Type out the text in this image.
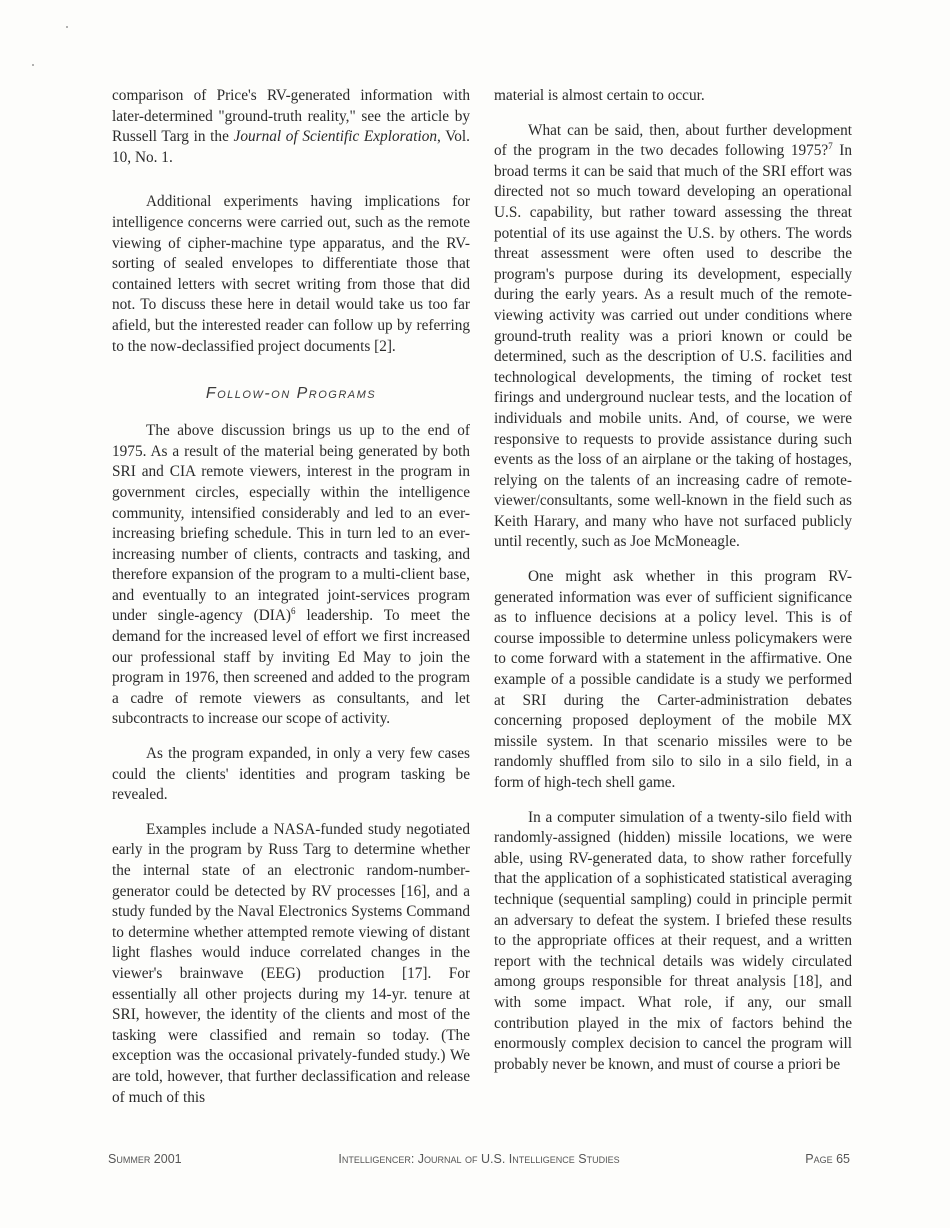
comparison of Price's RV-generated information with later-determined "ground-truth reality," see the article by Russell Targ in the Journal of Scientific Exploration, Vol. 10, No. 1.

Additional experiments having implications for intelligence concerns were carried out, such as the remote viewing of cipher-machine type apparatus, and the RV-sorting of sealed envelopes to differentiate those that contained letters with secret writing from those that did not. To discuss these here in detail would take us too far afield, but the interested reader can follow up by referring to the now-declassified project documents [2].

Follow-on Programs

The above discussion brings us up to the end of 1975. As a result of the material being generated by both SRI and CIA remote viewers, interest in the program in government circles, especially within the intelligence community, intensified considerably and led to an ever-increasing briefing schedule. This in turn led to an ever-increasing number of clients, contracts and tasking, and therefore expansion of the program to a multi-client base, and eventually to an integrated joint-services program under single-agency (DIA)$^6$ leadership. To meet the demand for the increased level of effort we first increased our professional staff by inviting Ed May to join the program in 1976, then screened and added to the program a cadre of remote viewers as consultants, and let subcontracts to increase our scope of activity.

As the program expanded, in only a very few cases could the clients' identities and program tasking be revealed.

Examples include a NASA-funded study negotiated early in the program by Russ Targ to determine whether the internal state of an electronic random-number-generator could be detected by RV processes [16], and a study funded by the Naval Electronics Systems Command to determine whether attempted remote viewing of distant light flashes would induce correlated changes in the viewer's brainwave (EEG) production [17]. For essentially all other projects during my 14-yr. tenure at SRI, however, the identity of the clients and most of the tasking were classified and remain so today. (The exception was the occasional privately-funded study.) We are told, however, that further declassification and release of much of this

material is almost certain to occur.

What can be said, then, about further development of the program in the two decades following 1975?$^7$ In broad terms it can be said that much of the SRI effort was directed not so much toward developing an operational U.S. capability, but rather toward assessing the threat potential of its use against the U.S. by others. The words threat assessment were often used to describe the program's purpose during its development, especially during the early years. As a result much of the remote-viewing activity was carried out under conditions where ground-truth reality was a priori known or could be determined, such as the description of U.S. facilities and technological developments, the timing of rocket test firings and underground nuclear tests, and the location of individuals and mobile units. And, of course, we were responsive to requests to provide assistance during such events as the loss of an airplane or the taking of hostages, relying on the talents of an increasing cadre of remote-viewer/consultants, some well-known in the field such as Keith Harary, and many who have not surfaced publicly until recently, such as Joe McMoneagle.

One might ask whether in this program RV-generated information was ever of sufficient significance as to influence decisions at a policy level. This is of course impossible to determine unless policymakers were to come forward with a statement in the affirmative. One example of a possible candidate is a study we performed at SRI during the Carter-administration debates concerning proposed deployment of the mobile MX missile system. In that scenario missiles were to be randomly shuffled from silo to silo in a silo field, in a form of high-tech shell game.

In a computer simulation of a twenty-silo field with randomly-assigned (hidden) missile locations, we were able, using RV-generated data, to show rather forcefully that the application of a sophisticated statistical averaging technique (sequential sampling) could in principle permit an adversary to defeat the system. I briefed these results to the appropriate offices at their request, and a written report with the technical details was widely circulated among groups responsible for threat analysis [18], and with some impact. What role, if any, our small contribution played in the mix of factors behind the enormously complex decision to cancel the program will probably never be known, and must of course a priori be

Summer 2001	Intelligencer: Journal of U.S. Intelligence Studies	Page 65
